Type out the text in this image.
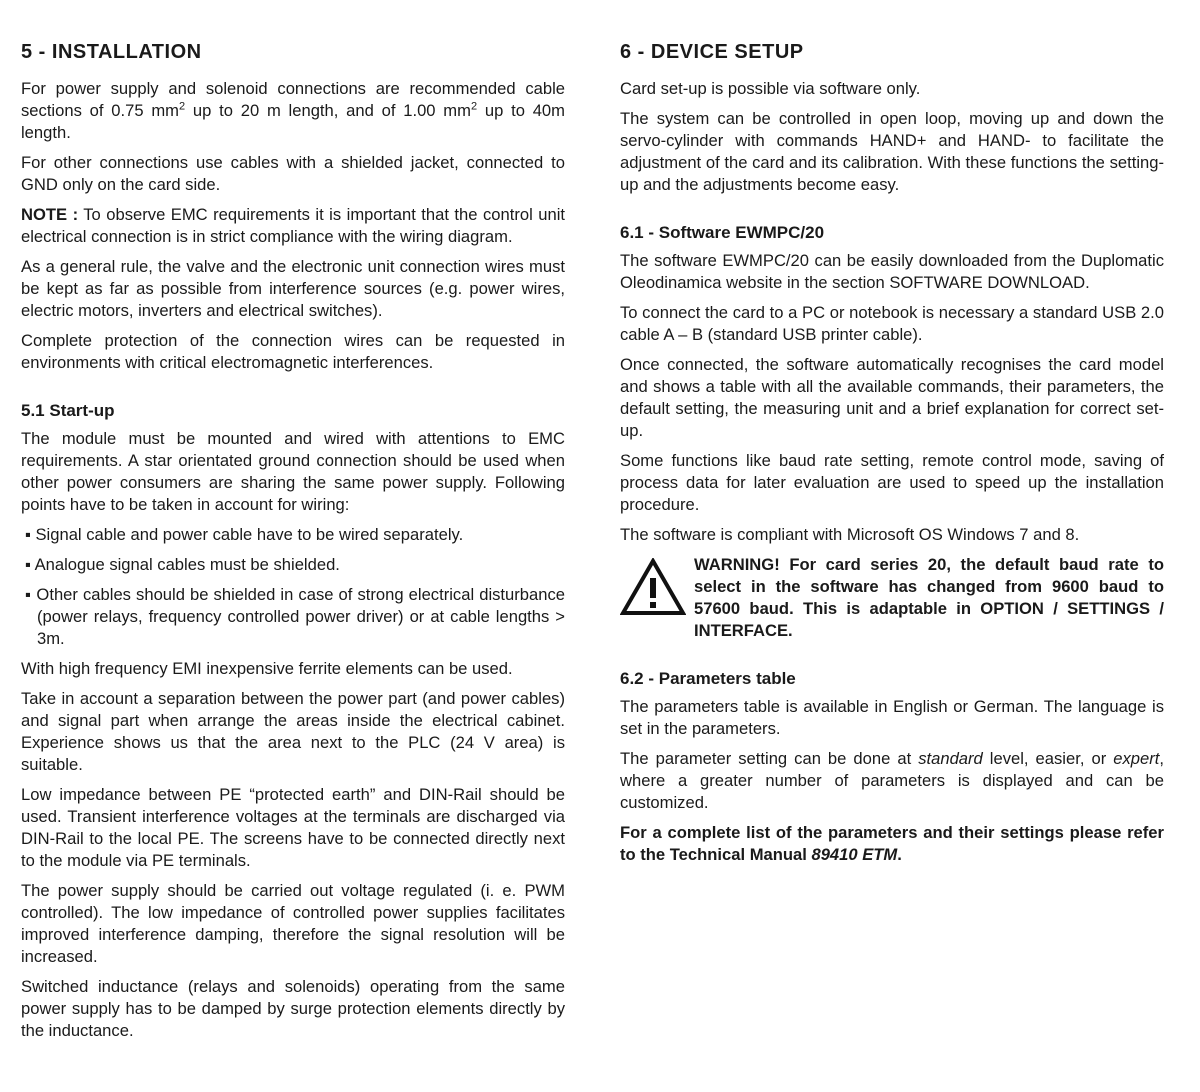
5 - INSTALLATION

For power supply and solenoid connections are recommended cable sections of 0.75 $mm^2$ up to 20 m length, and of 1.00 $mm^2$ up to 40m length.

For other connections use cables with a shielded jacket, connected to GND only on the card side.

NOTE : To observe EMC requirements it is important that the control unit electrical connection is in strict compliance with the wiring diagram.

As a general rule, the valve and the electronic unit connection wires must be kept as far as possible from interference sources (e.g. power wires, electric motors, inverters and electrical switches).

Complete protection of the connection wires can be requested in environments with critical electromagnetic interferences.

5.1 Start-up

The module must be mounted and wired with attentions to EMC requirements. A star orientated ground connection should be used when other power consumers are sharing the same power supply. Following points have to be taken in account for wiring:

▪ Signal cable and power cable have to be wired separately.

▪ Analogue signal cables must be shielded.

▪ Other cables should be shielded in case of strong electrical disturbance (power relays, frequency controlled power driver) or at cable lengths > 3m.

With high frequency EMI inexpensive ferrite elements can be used.

Take in account a separation between the power part (and power cables) and signal part when arrange the areas inside the electrical cabinet. Experience shows us that the area next to the PLC (24 V area) is suitable.

Low impedance between PE “protected earth” and DIN-Rail should be used. Transient interference voltages at the terminals are discharged via DIN-Rail to the local PE. The screens have to be connected directly next to the module via PE terminals.

The power supply should be carried out voltage regulated (i. e. PWM controlled). The low impedance of controlled power supplies facilitates improved interference damping, therefore the signal resolution will be increased.

Switched inductance (relays and solenoids) operating from the same power supply has to be damped by surge protection elements directly by the inductance.

6 - DEVICE SETUP

Card set-up is possible via software only.

The system can be controlled in open loop, moving up and down the servo-cylinder with commands HAND+ and HAND- to facilitate the adjustment of the card and its calibration. With these functions the setting-up and the adjustments become easy.

6.1 - Software EWMPC/20

The software EWMPC/20 can be easily downloaded from the Duplomatic Oleodinamica website in the section SOFTWARE DOWNLOAD.

To connect the card to a PC or notebook is necessary a standard USB 2.0 cable A – B (standard USB printer cable).

Once connected, the software automatically recognises the card model and shows a table with all the available commands, their parameters, the default setting, the measuring unit and a brief explanation for correct set-up.

Some functions like baud rate setting, remote control mode, saving of process data for later evaluation are used to speed up the installation procedure.

The software is compliant with Microsoft OS Windows 7 and 8.

WARNING! For card series 20, the default baud rate to select in the software has changed from 9600 baud to 57600 baud. This is adaptable in OPTION / SETTINGS / INTERFACE.

6.2 - Parameters table

The parameters table is available in English or German. The language is set in the parameters.

The parameter setting can be done at standard level, easier, or expert, where a greater number of parameters is displayed and can be customized.

For a complete list of the parameters and their settings please refer to the Technical Manual 89410 ETM.
